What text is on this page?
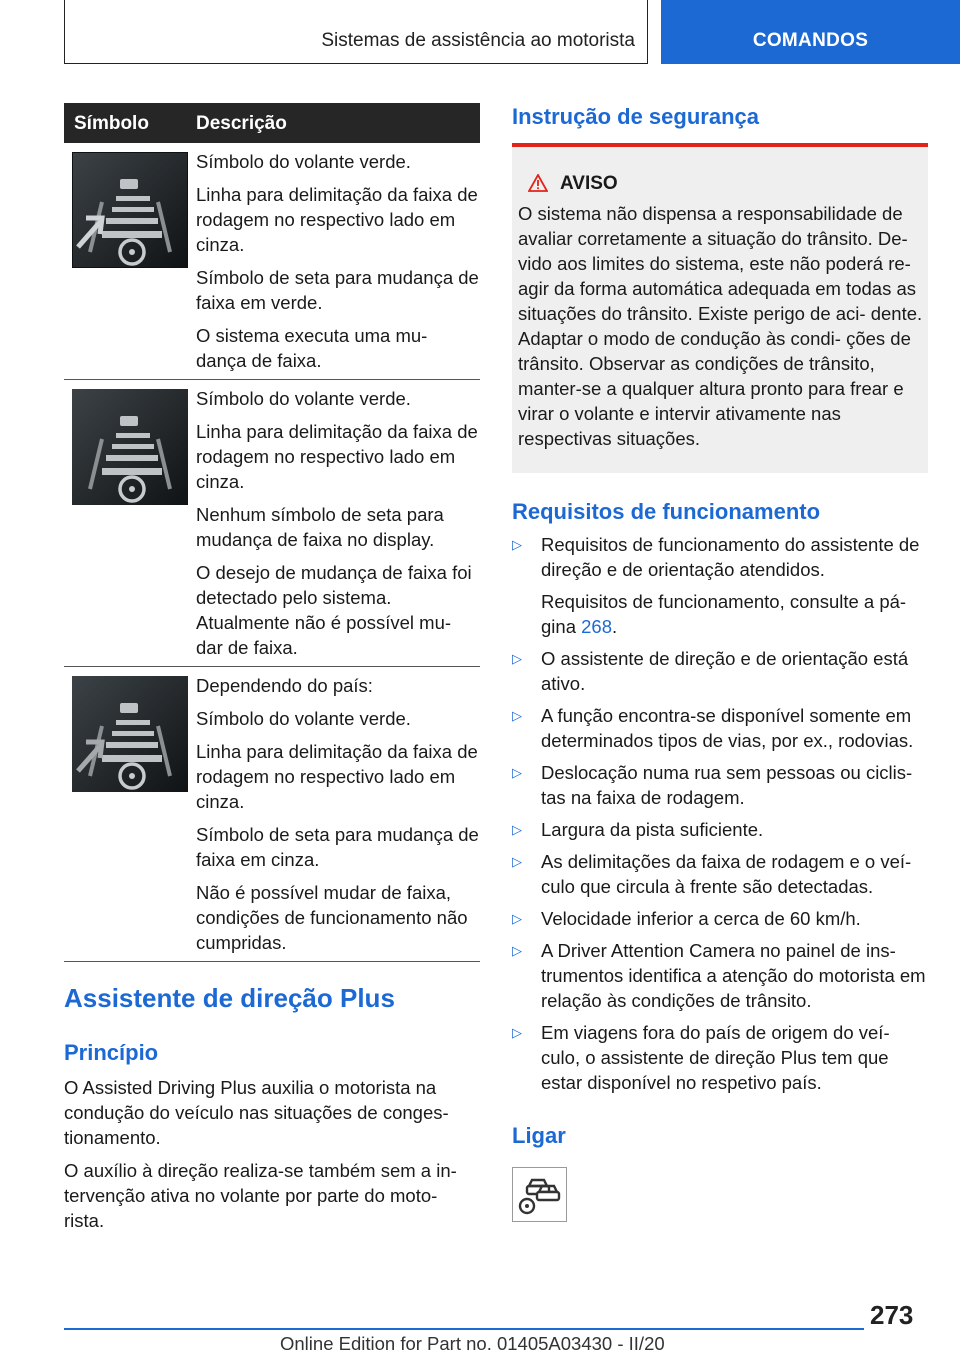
Sistemas de assistência ao motorista	COMANDOS
Símbolo Descrição

Símbolo do volante verde.

Linha para delimitação da faixa de rodagem no respectivo lado em cinza.

Símbolo de seta para mudança de faixa em verde.

O sistema executa uma mu- dança de faixa.

Símbolo do volante verde.

Linha para delimitação da faixa de rodagem no respectivo lado em cinza.

Nenhum símbolo de seta para mudança de faixa no display.

O desejo de mudança de faixa foi detectado pelo sistema. Atualmente não é possível mu- dar de faixa.

Dependendo do país:

Símbolo do volante verde.

Linha para delimitação da faixa de rodagem no respectivo lado em cinza.

Símbolo de seta para mudança de faixa em cinza.

Não é possível mudar de faixa, condições de funcionamento não cumpridas.

Assistente de direção Plus
Princípio

O Assisted Driving Plus auxilia o motorista na condução do veículo nas situações de conges- tionamento.

O auxílio à direção realiza-se também sem a in- tervenção ativa no volante por parte do moto- rista.

Instrução de segurança
AVISO

O sistema não dispensa a responsabilidade de avaliar corretamente a situação do trânsito. De- vido aos limites do sistema, este não poderá re- agir da forma automática adequada em todas as situações do trânsito. Existe perigo de aci- dente. Adaptar o modo de condução às condi- ções de trânsito. Observar as condições de trânsito, manter-se a qualquer altura pronto para frear e virar o volante e intervir ativamente nas respectivas situações.

Requisitos de funcionamento
▷ Requisitos de funcionamento do assistente de direção e de orientação atendidos.

Requisitos de funcionamento, consulte a pá- gina 268.

▷ O assistente de direção e de orientação está ativo.

▷ A função encontra-se disponível somente em determinados tipos de vias, por ex., rodovias.

▷ Deslocação numa rua sem pessoas ou ciclis- tas na faixa de rodagem.

▷ Largura da pista suficiente.

▷ As delimitações da faixa de rodagem e o veí- culo que circula à frente são detectadas.

▷ Velocidade inferior a cerca de 60 km/h.

▷ A Driver Attention Camera no painel de ins- trumentos identifica a atenção do motorista em relação às condições de trânsito.

▷ Em viagens fora do país de origem do veí- culo, o assistente de direção Plus tem que estar disponível no respetivo país.

Ligar
273
Online Edition for Part no. 01405A03430 - II/20
